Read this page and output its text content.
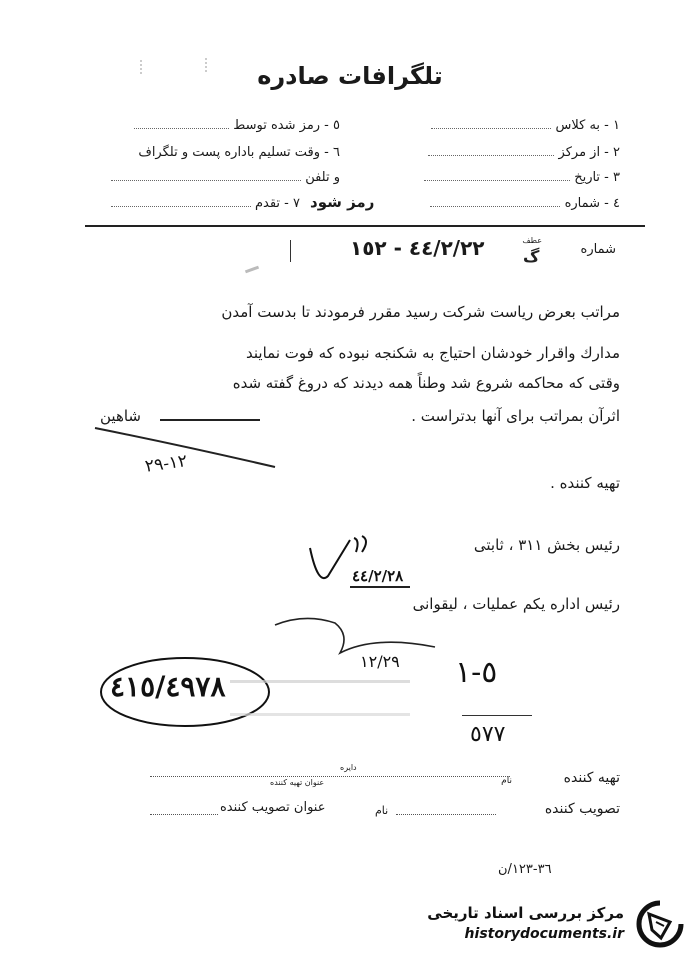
تلگرافات صادره
١ - به کلاس
٢ - از مرکز
٣ - تاریخ
٤ - شماره
٥ - رمز شده توسط
٦ - وقت تسلیم باداره پست و تلگراف
و تلفن
٧ - تقدم رمز شود
شماره
عطف
گ
٤٤/٢/٢٢ - ١٥٢
مراتب بعرض ریاست شرکت رسید مقرر فرمودند تا بدست آمدن
مدارك واقرار خودشان احتیاج به شکنجه نبوده که فوت نمایند
وقتی که محاکمه شروع شد وطناً همه دیدند که دروغ گفته شده
اثرآن بمراتب برای آنها بدتراست .
شاهین
١٢-٢٩
تهیه کننده .
رئیس بخش ٣١١ ، ثابتی
رئیس اداره یکم عملیات ، لیقوانی
٤٤/٢/٢٨
٤١٥/٤٩٧٨
١٢/٢٩ ٥-١
٥٧٧
تهیه کننده
دایره
نام
عنوان تهیه کننده
تصویب کننده
نام
عنوان تصویب کننده
٣٦-١٢٣/ن
مرکز بررسی اسناد تاریخی
historydocuments.ir
